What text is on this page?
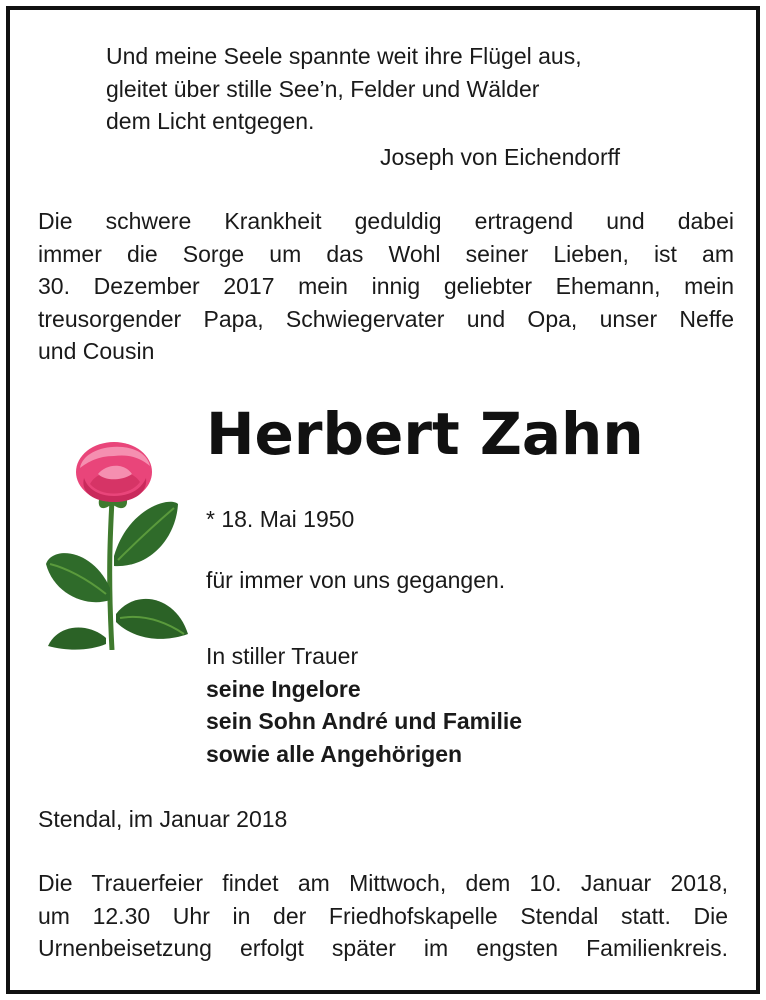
Und meine Seele spannte weit ihre Flügel aus,
gleitet über stille See’n, Felder und Wälder
dem Licht entgegen.
Joseph von Eichendorff
Die schwere Krankheit geduldig ertragend und dabei
immer die Sorge um das Wohl seiner Lieben, ist am
30. Dezember 2017 mein innig geliebter Ehemann, mein
treusorgender Papa, Schwiegervater und Opa, unser Neffe
und Cousin
Herbert Zahn
* 18. Mai 1950
für immer von uns gegangen.
In stiller Trauer
seine Ingelore
sein Sohn André und Familie
sowie alle Angehörigen
Stendal, im Januar 2018
Die Trauerfeier findet am Mittwoch, dem 10. Januar 2018,
um 12.30 Uhr in der Friedhofskapelle Stendal statt. Die
Urnenbeisetzung erfolgt später im engsten Familienkreis.
